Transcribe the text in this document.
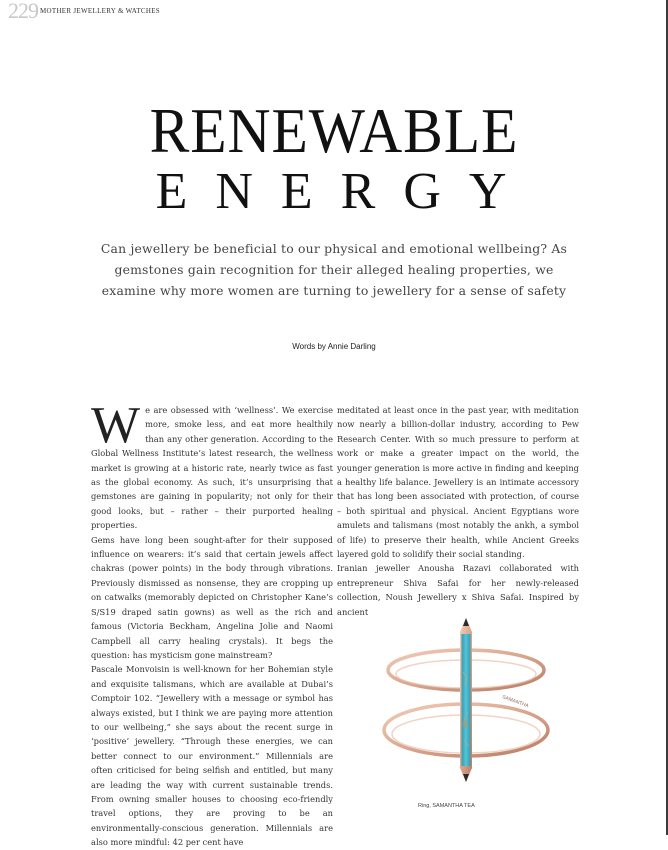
229 MOTHER JEWELLERY & WATCHES
RENEWABLE
ENERGY
Can jewellery be beneficial to our physical and emotional wellbeing? As gemstones gain recognition for their alleged healing properties, we examine why more women are turning to jewellery for a sense of safety
Words by Annie Darling

We are obsessed with ‘wellness’. We exercise more, smoke less, and eat more healthily than any other generation. According to the Global Wellness Institute’s latest research, the wellness market is growing at a historic rate, nearly twice as fast as the global economy. As such, it’s unsurprising that gemstones are gaining in popularity; not only for their good looks, but – rather – their purported healing properties.

Gems have long been sought-after for their supposed influence on wearers: it’s said that certain jewels affect chakras (power points) in the body through vibrations. Previously dismissed as nonsense, they are cropping up on catwalks (memorably depicted on Christopher Kane’s S/S19 draped satin gowns) as well as the rich and famous (Victoria Beckham, Angelina Jolie and Naomi Campbell all carry healing crystals). It begs the question: has mysticism gone mainstream?

Pascale Monvoisin is well-known for her Bohemian style and exquisite talismans, which are available at Dubai’s Comptoir 102. “Jewellery with a message or symbol has always existed, but I think we are paying more attention to our wellbeing,” she says about the recent surge in ‘positive’ jewellery. “Through these energies, we can better connect to our environment.” Millennials are often criticised for being selfish and entitled, but many are leading the way with current sustainable trends. From owning smaller houses to choosing eco-friendly travel options, they are proving to be an environmentally-conscious generation. Millennials are also more mindful: 42 per cent have

meditated at least once in the past year, with meditation now nearly a billion-dollar industry, according to Pew Research Center. With so much pressure to perform at work or make a greater impact on the world, the younger generation is more active in finding and keeping a healthy life balance. Jewellery is an intimate accessory that has long been associated with protection, of course – both spiritual and physical. Ancient Egyptians wore amulets and talismans (most notably the ankh, a symbol of life) to preserve their health, while Ancient Greeks layered gold to solidify their social standing.

Iranian jeweller Anousha Razavi collaborated with entrepreneur Shiva Safai for her newly-released collection, Noush Jewellery x Shiva Safai. Inspired by ancient

SAMANTHA
Ring, SAMANTHA TEA
